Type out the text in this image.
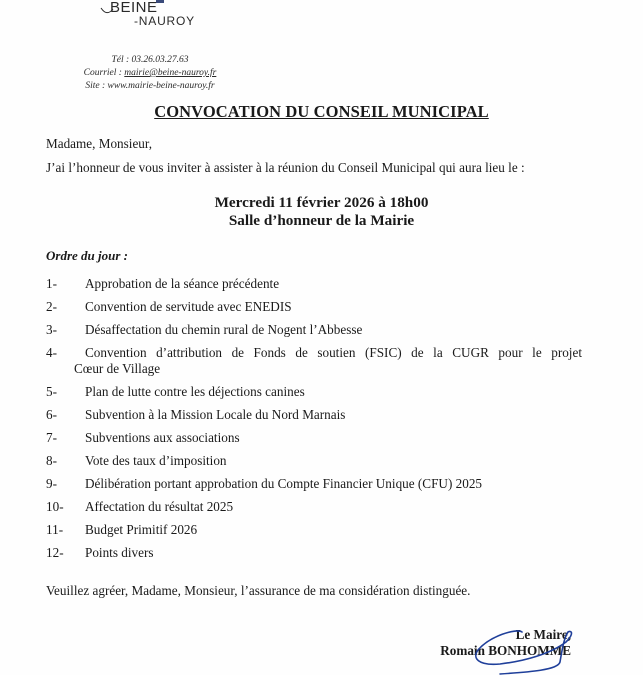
BEINE
-NAUROY
Tél : 03.26.03.27.63
Courriel : mairie@beine-nauroy.fr
Site : www.mairie-beine-nauroy.fr
CONVOCATION DU CONSEIL MUNICIPAL
Madame, Monsieur,
J’ai l’honneur de vous inviter à assister à la réunion du Conseil Municipal qui aura lieu le :
Mercredi 11 février 2026 à 18h00
Salle d’honneur de la Mairie
Ordre du jour :
1-	Approbation de la séance précédente
2-	Convention de servitude avec ENEDIS
3-	Désaffectation du chemin rural de Nogent l’Abbesse
4-	Convention d’attribution de Fonds de soutien (FSIC) de la CUGR pour le projet
Cœur de Village
5-	Plan de lutte contre les déjections canines
6-	Subvention à la Mission Locale du Nord Marnais
7-	Subventions aux associations
8-	Vote des taux d’imposition
9-	Délibération portant approbation du Compte Financier Unique (CFU) 2025
10-	Affectation du résultat 2025
11-	Budget Primitif 2026
12-	Points divers
Veuillez agréer, Madame, Monsieur, l’assurance de ma considération distinguée.
Le Maire,
Romain BONHOMME
